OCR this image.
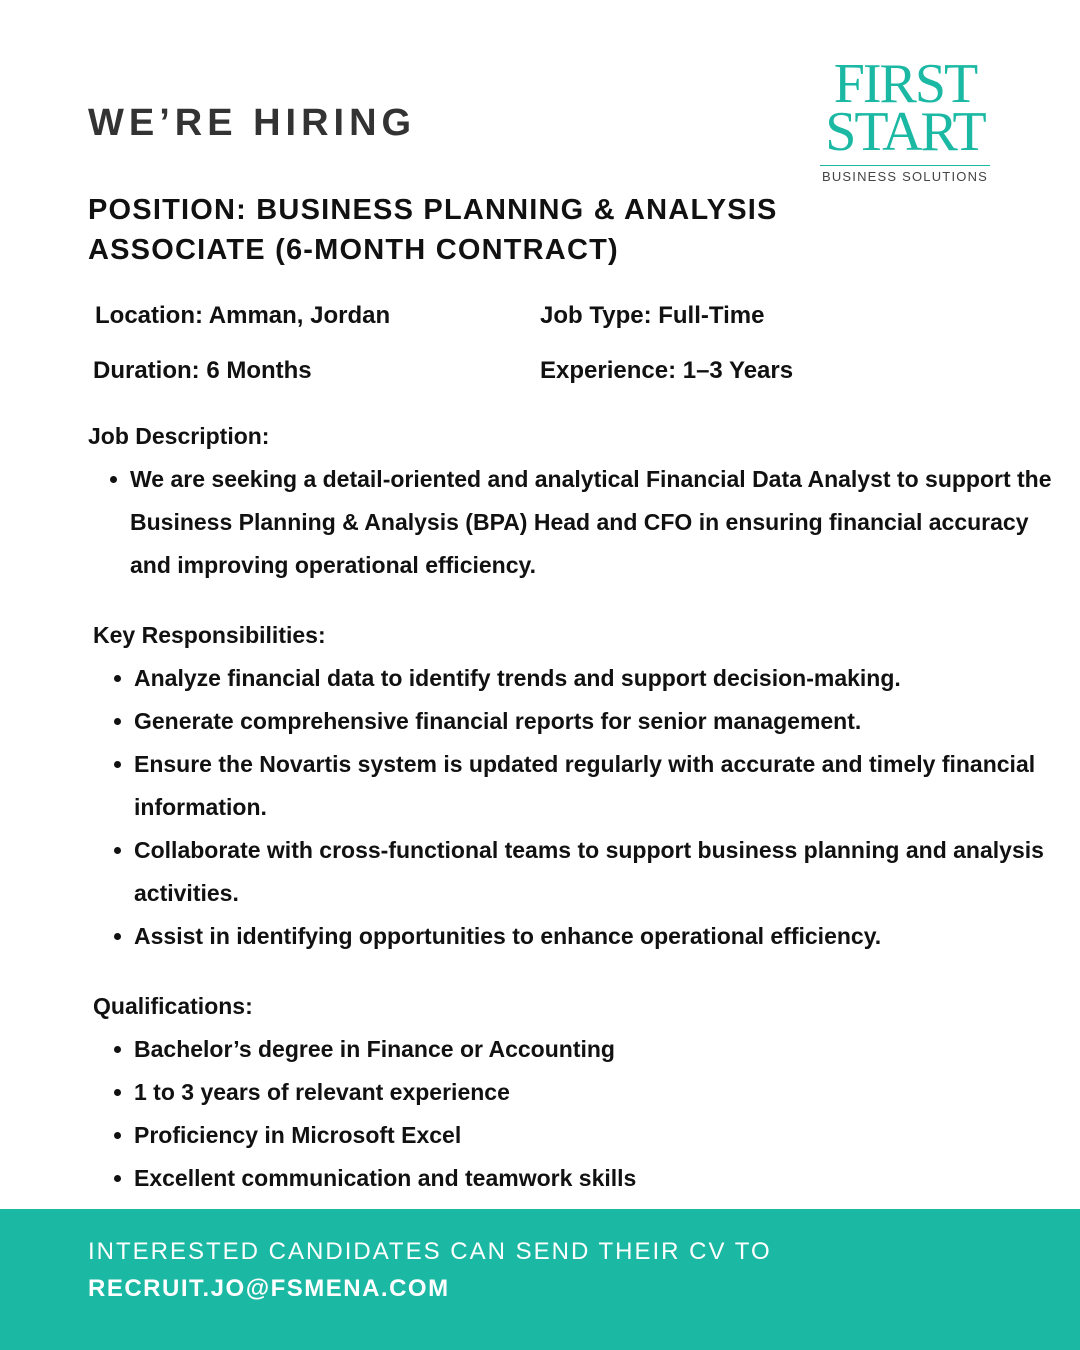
WE’RE HIRING
FIRST
START
BUSINESS SOLUTIONS
POSITION: BUSINESS PLANNING & ANALYSIS
ASSOCIATE (6-MONTH CONTRACT)
Location: Amman, Jordan	Job Type: Full-Time
Duration: 6 Months	Experience: 1–3 Years
Job Description:
We are seeking a detail-oriented and analytical Financial Data Analyst to support the Business Planning & Analysis (BPA) Head and CFO in ensuring financial accuracy and improving operational efficiency.
Key Responsibilities:
Analyze financial data to identify trends and support decision-making.
Generate comprehensive financial reports for senior management.
Ensure the Novartis system is updated regularly with accurate and timely financial information.
Collaborate with cross-functional teams to support business planning and analysis activities.
Assist in identifying opportunities to enhance operational efficiency.
Qualifications:
Bachelor’s degree in Finance or Accounting
1 to 3 years of relevant experience
Proficiency in Microsoft Excel
Excellent communication and teamwork skills
INTERESTED CANDIDATES CAN SEND THEIR CV TO
RECRUIT.JO@FSMENA.COM
